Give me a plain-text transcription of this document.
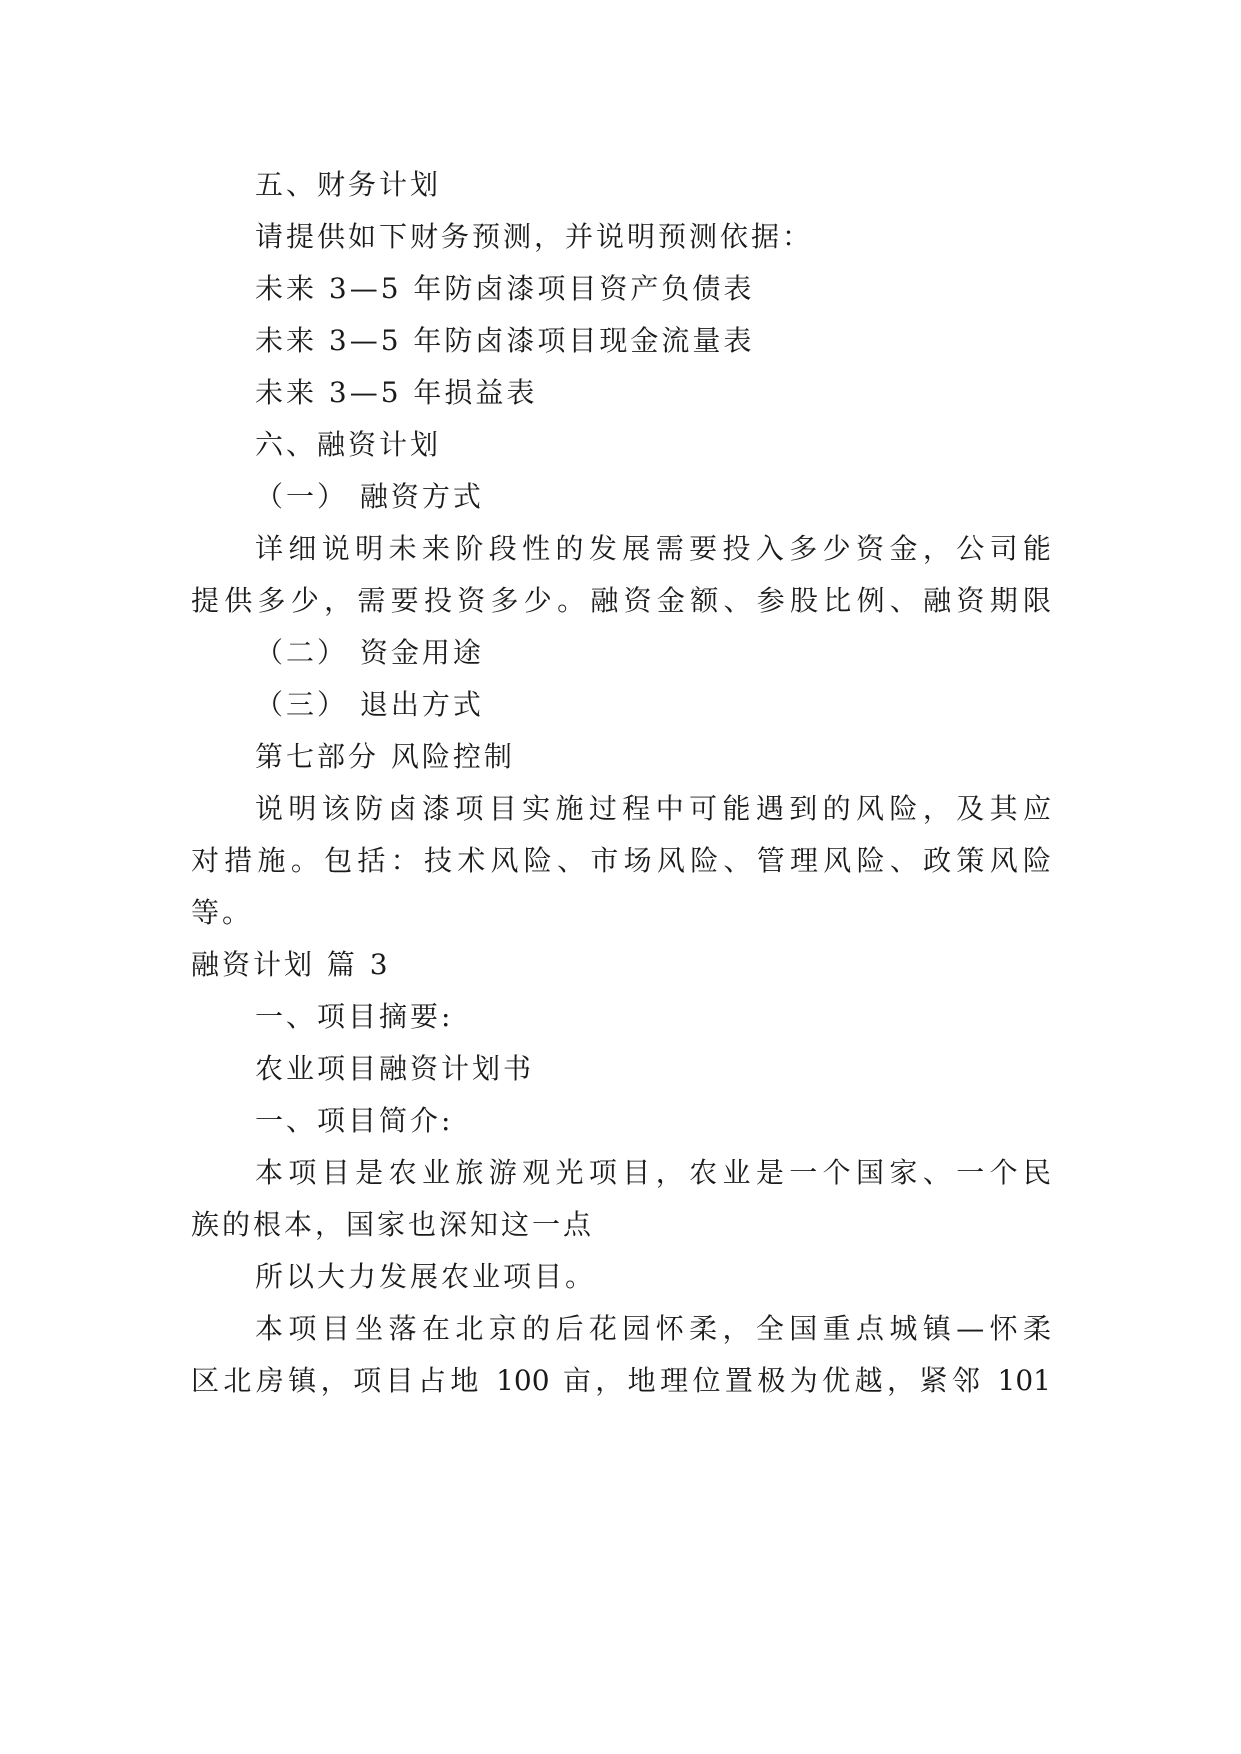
五、财务计划
请提供如下财务预测，并说明预测依据：
未来 3—5 年防卤漆项目资产负债表
未来 3—5 年防卤漆项目现金流量表
未来 3—5 年损益表
六、融资计划
（一） 融资方式
详细说明未来阶段性的发展需要投入多少资金，公司能
提供多少，需要投资多少。融资金额、参股比例、融资期限
（二） 资金用途
（三） 退出方式
第七部分 风险控制
说明该防卤漆项目实施过程中可能遇到的风险，及其应
对措施。包括：技术风险、市场风险、管理风险、政策风险
等。
融资计划 篇 3
一、项目摘要:
农业项目融资计划书
一、项目简介:
本项目是农业旅游观光项目，农业是一个国家、一个民
族的根本，国家也深知这一点
所以大力发展农业项目。
本项目坐落在北京的后花园怀柔，全国重点城镇—怀柔
区北房镇，项目占地 100 亩，地理位置极为优越，紧邻 101
